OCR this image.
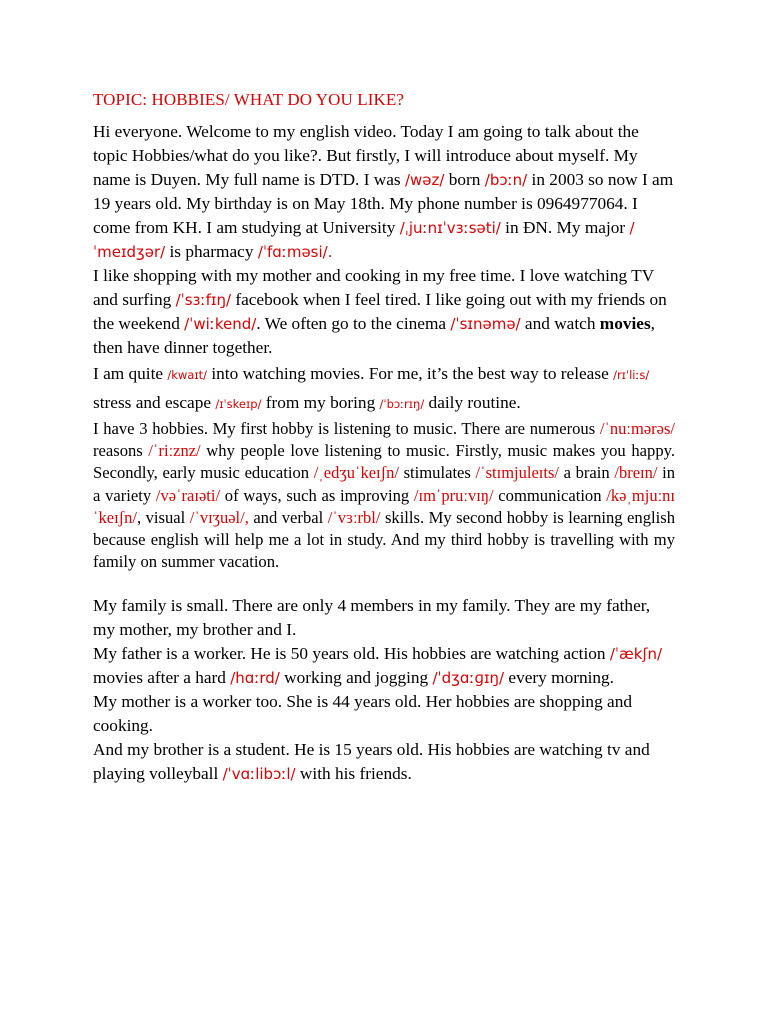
TOPIC: HOBBIES/ WHAT DO YOU LIKE?

Hi everyone. Welcome to my english video. Today I am going to talk about the topic Hobbies/what do you like?. But firstly, I will introduce about myself. My name is Duyen. My full name is DTD. I was /wəz/ born /bɔːn/ in 2003 so now I am 19 years old. My birthday is on May 18th. My phone number is 0964977064. I come from KH. I am studying at University /ˌjuːnɪˈvɜːsəti/ in ĐN. My major /ˈmeɪdʒər/ is pharmacy /ˈfɑːməsi/.

I like shopping with my mother and cooking in my free time. I love watching TV and surfing /ˈsɜːfɪŋ/ facebook when I feel tired. I like going out with my friends on the weekend /ˈwiːkend/. We often go to the cinema /ˈsɪnəmə/ and watch movies, then have dinner together.

I am quite /kwaɪt/ into watching movies. For me, it’s the best way to release /rɪˈliːs/ stress and escape /ɪˈskeɪp/ from my boring /ˈbɔːrɪŋ/ daily routine.

I have 3 hobbies. My first hobby is listening to music. There are numerous /ˈnuːmərəs/ reasons /ˈriːznz/ why people love listening to music. Firstly, music makes you happy. Secondly, early music education /ˌedʒuˈkeɪʃn/ stimulates /ˈstɪmjuleɪts/ a brain /breɪn/ in a variety /vəˈraɪəti/ of ways, such as improving /ɪmˈpruːvɪŋ/ communication /kəˌmjuːnɪˈkeɪʃn/, visual /ˈvɪʒuəl/, and verbal /ˈvɜːrbl/ skills. My second hobby is learning english because english will help me a lot in study. And my third hobby is travelling with my family on summer vacation.

My family is small. There are only 4 members in my family. They are my father, my mother, my brother and I.

My father is a worker. He is 50 years old. His hobbies are watching action /ˈækʃn/ movies after a hard /hɑːrd/ working and jogging /ˈdʒɑːɡɪŋ/ every morning.

My mother is a worker too. She is 44 years old. Her hobbies are shopping and cooking.

And my brother is a student. He is 15 years old. His hobbies are watching tv and playing volleyball /ˈvɑːlibɔːl/ with his friends.
